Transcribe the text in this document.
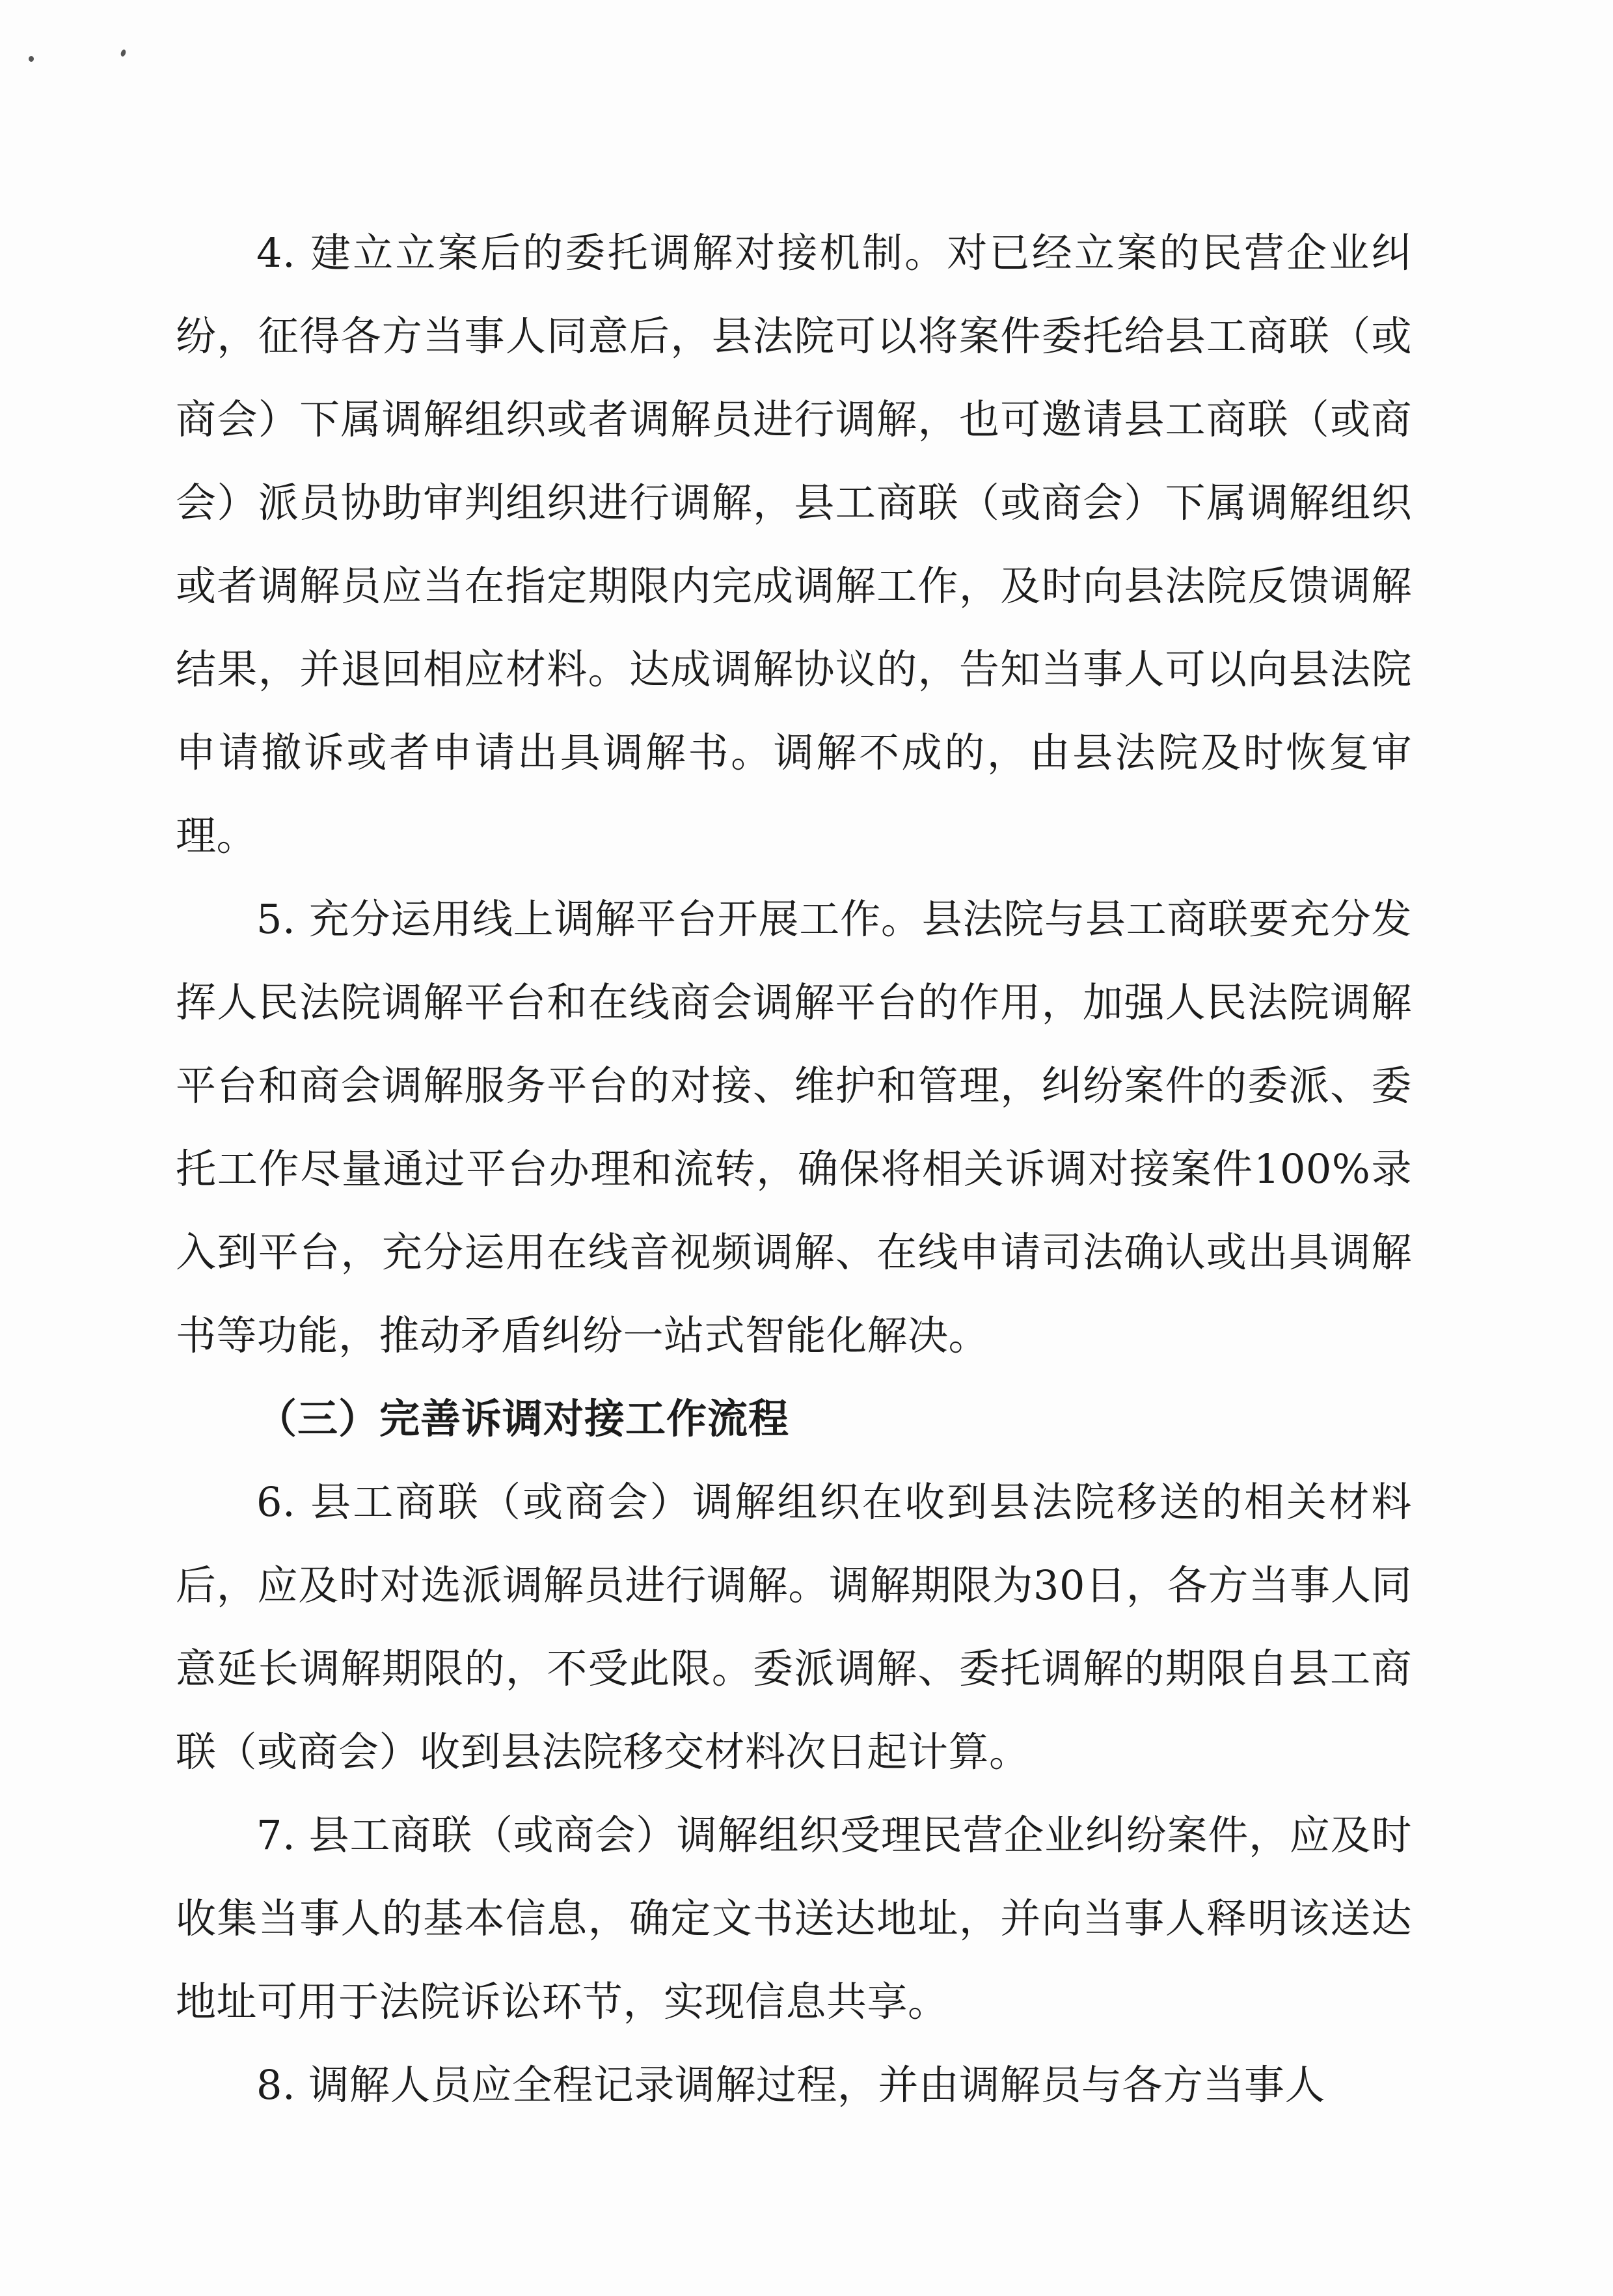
4. 建立立案后的委托调解对接机制。对已经立案的民营企业纠纷，征得各方当事人同意后，县法院可以将案件委托给县工商联（或商会）下属调解组织或者调解员进行调解，也可邀请县工商联（或商会）派员协助审判组织进行调解，县工商联（或商会）下属调解组织或者调解员应当在指定期限内完成调解工作，及时向县法院反馈调解结果，并退回相应材料。达成调解协议的，告知当事人可以向县法院申请撤诉或者申请出具调解书。调解不成的，由县法院及时恢复审理。

5. 充分运用线上调解平台开展工作。县法院与县工商联要充分发挥人民法院调解平台和在线商会调解平台的作用，加强人民法院调解平台和商会调解服务平台的对接、维护和管理，纠纷案件的委派、委托工作尽量通过平台办理和流转，确保将相关诉调对接案件100%录入到平台，充分运用在线音视频调解、在线申请司法确认或出具调解书等功能，推动矛盾纠纷一站式智能化解决。

（三）完善诉调对接工作流程

6. 县工商联（或商会）调解组织在收到县法院移送的相关材料后，应及时对选派调解员进行调解。调解期限为30日，各方当事人同意延长调解期限的，不受此限。委派调解、委托调解的期限自县工商联（或商会）收到县法院移交材料次日起计算。

7. 县工商联（或商会）调解组织受理民营企业纠纷案件，应及时收集当事人的基本信息，确定文书送达地址，并向当事人释明该送达地址可用于法院诉讼环节，实现信息共享。

8. 调解人员应全程记录调解过程，并由调解员与各方当事人
